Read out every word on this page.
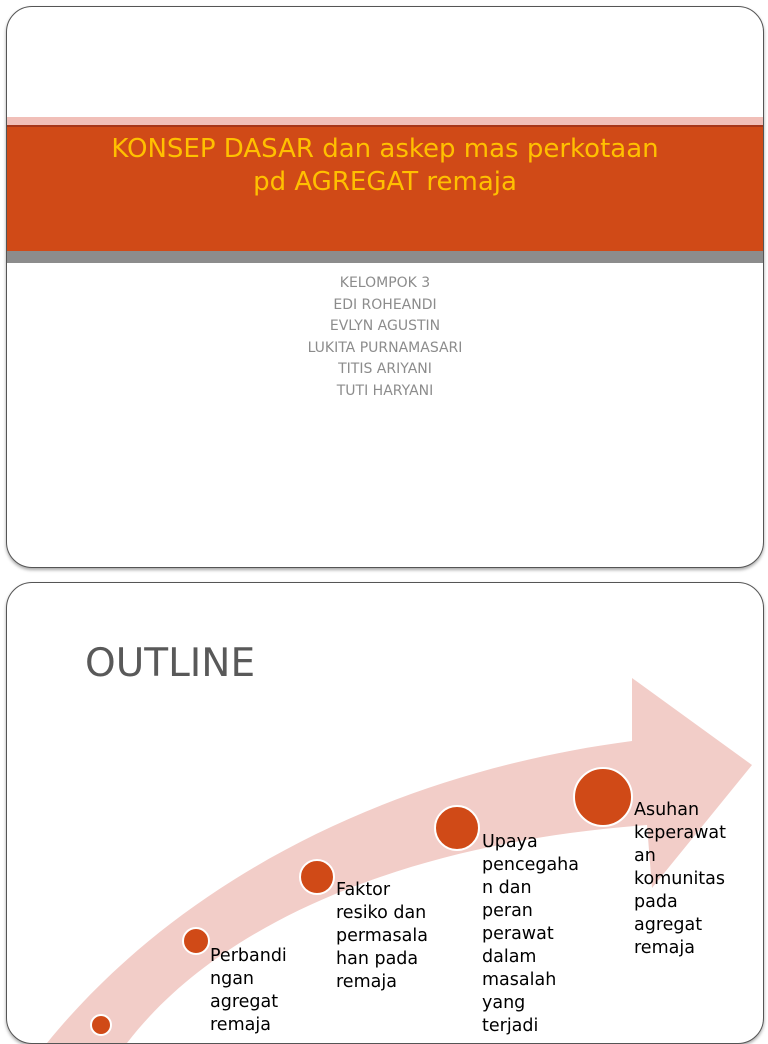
KONSEP DASAR dan askep mas perkotaan
pd AGREGAT remaja
KELOMPOK 3
EDI ROHEANDI
EVLYN AGUSTIN
LUKITA PURNAMASARI
TITIS ARIYANI
TUTI HARYANI
OUTLINE
Perbandi
ngan
agregat
remaja
Faktor
resiko dan
permasala
han pada
remaja
Upaya
pencegaha
n dan
peran
perawat
dalam
masalah
yang
terjadi
Asuhan
keperawat
an
komunitas
pada
agregat
remaja
